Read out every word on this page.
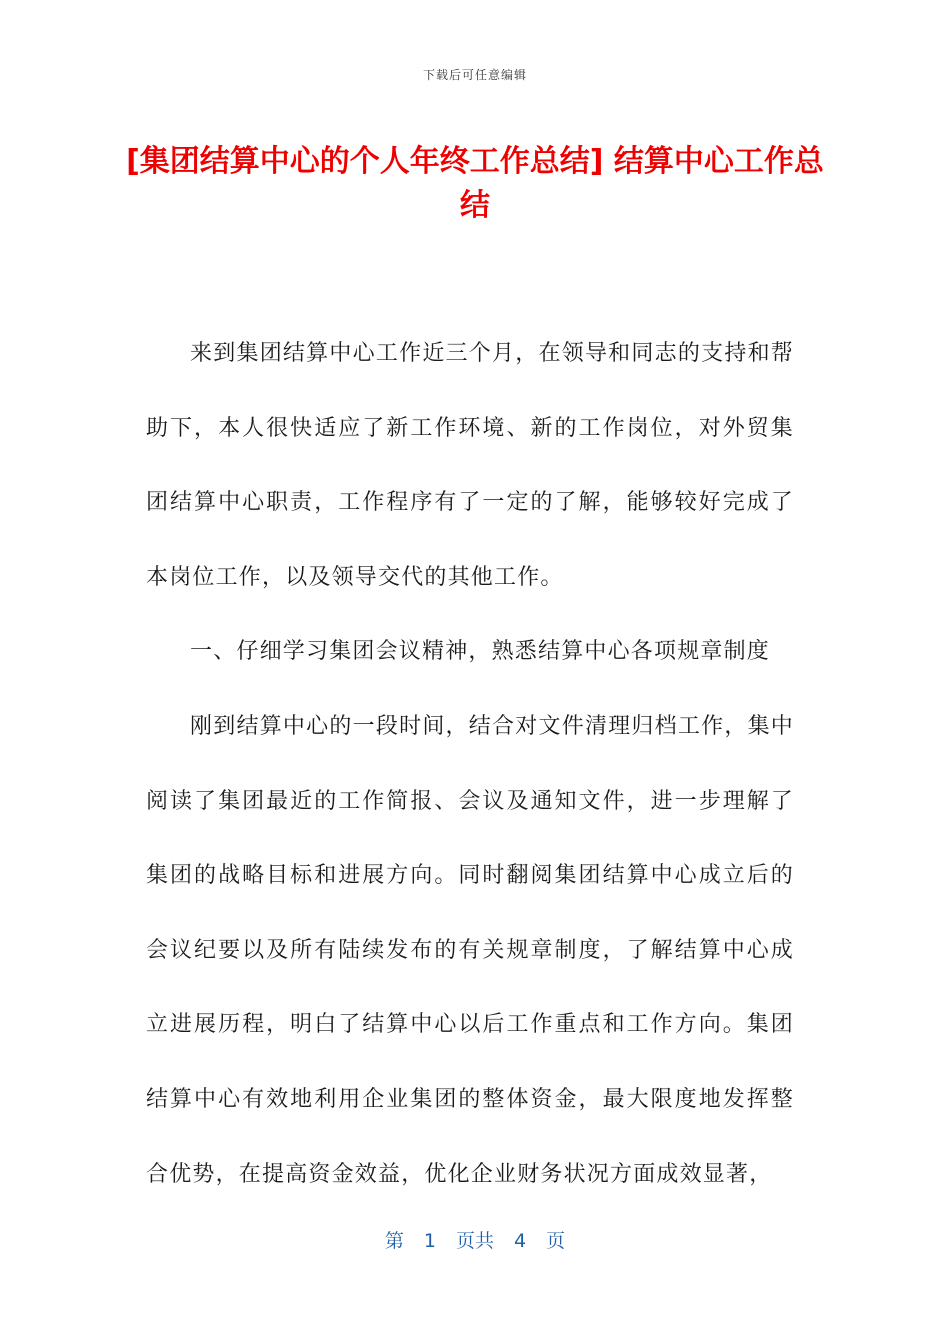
下载后可任意编辑
[集团结算中心的个人年终工作总结] 结算中心工作总结

来到集团结算中心工作近三个月，在领导和同志的支持和帮助下，本人很快适应了新工作环境、新的工作岗位，对外贸集团结算中心职责，工作程序有了一定的了解，能够较好完成了本岗位工作，以及领导交代的其他工作。

一、仔细学习集团会议精神，熟悉结算中心各项规章制度

刚到结算中心的一段时间，结合对文件清理归档工作，集中阅读了集团最近的工作简报、会议及通知文件，进一步理解了集团的战略目标和进展方向。同时翻阅集团结算中心成立后的会议纪要以及所有陆续发布的有关规章制度，了解结算中心成立进展历程，明白了结算中心以后工作重点和工作方向。集团结算中心有效地利用企业集团的整体资金，最大限度地发挥整合优势，在提高资金效益，优化企业财务状况方面成效显著，

第 1 页共 4 页
